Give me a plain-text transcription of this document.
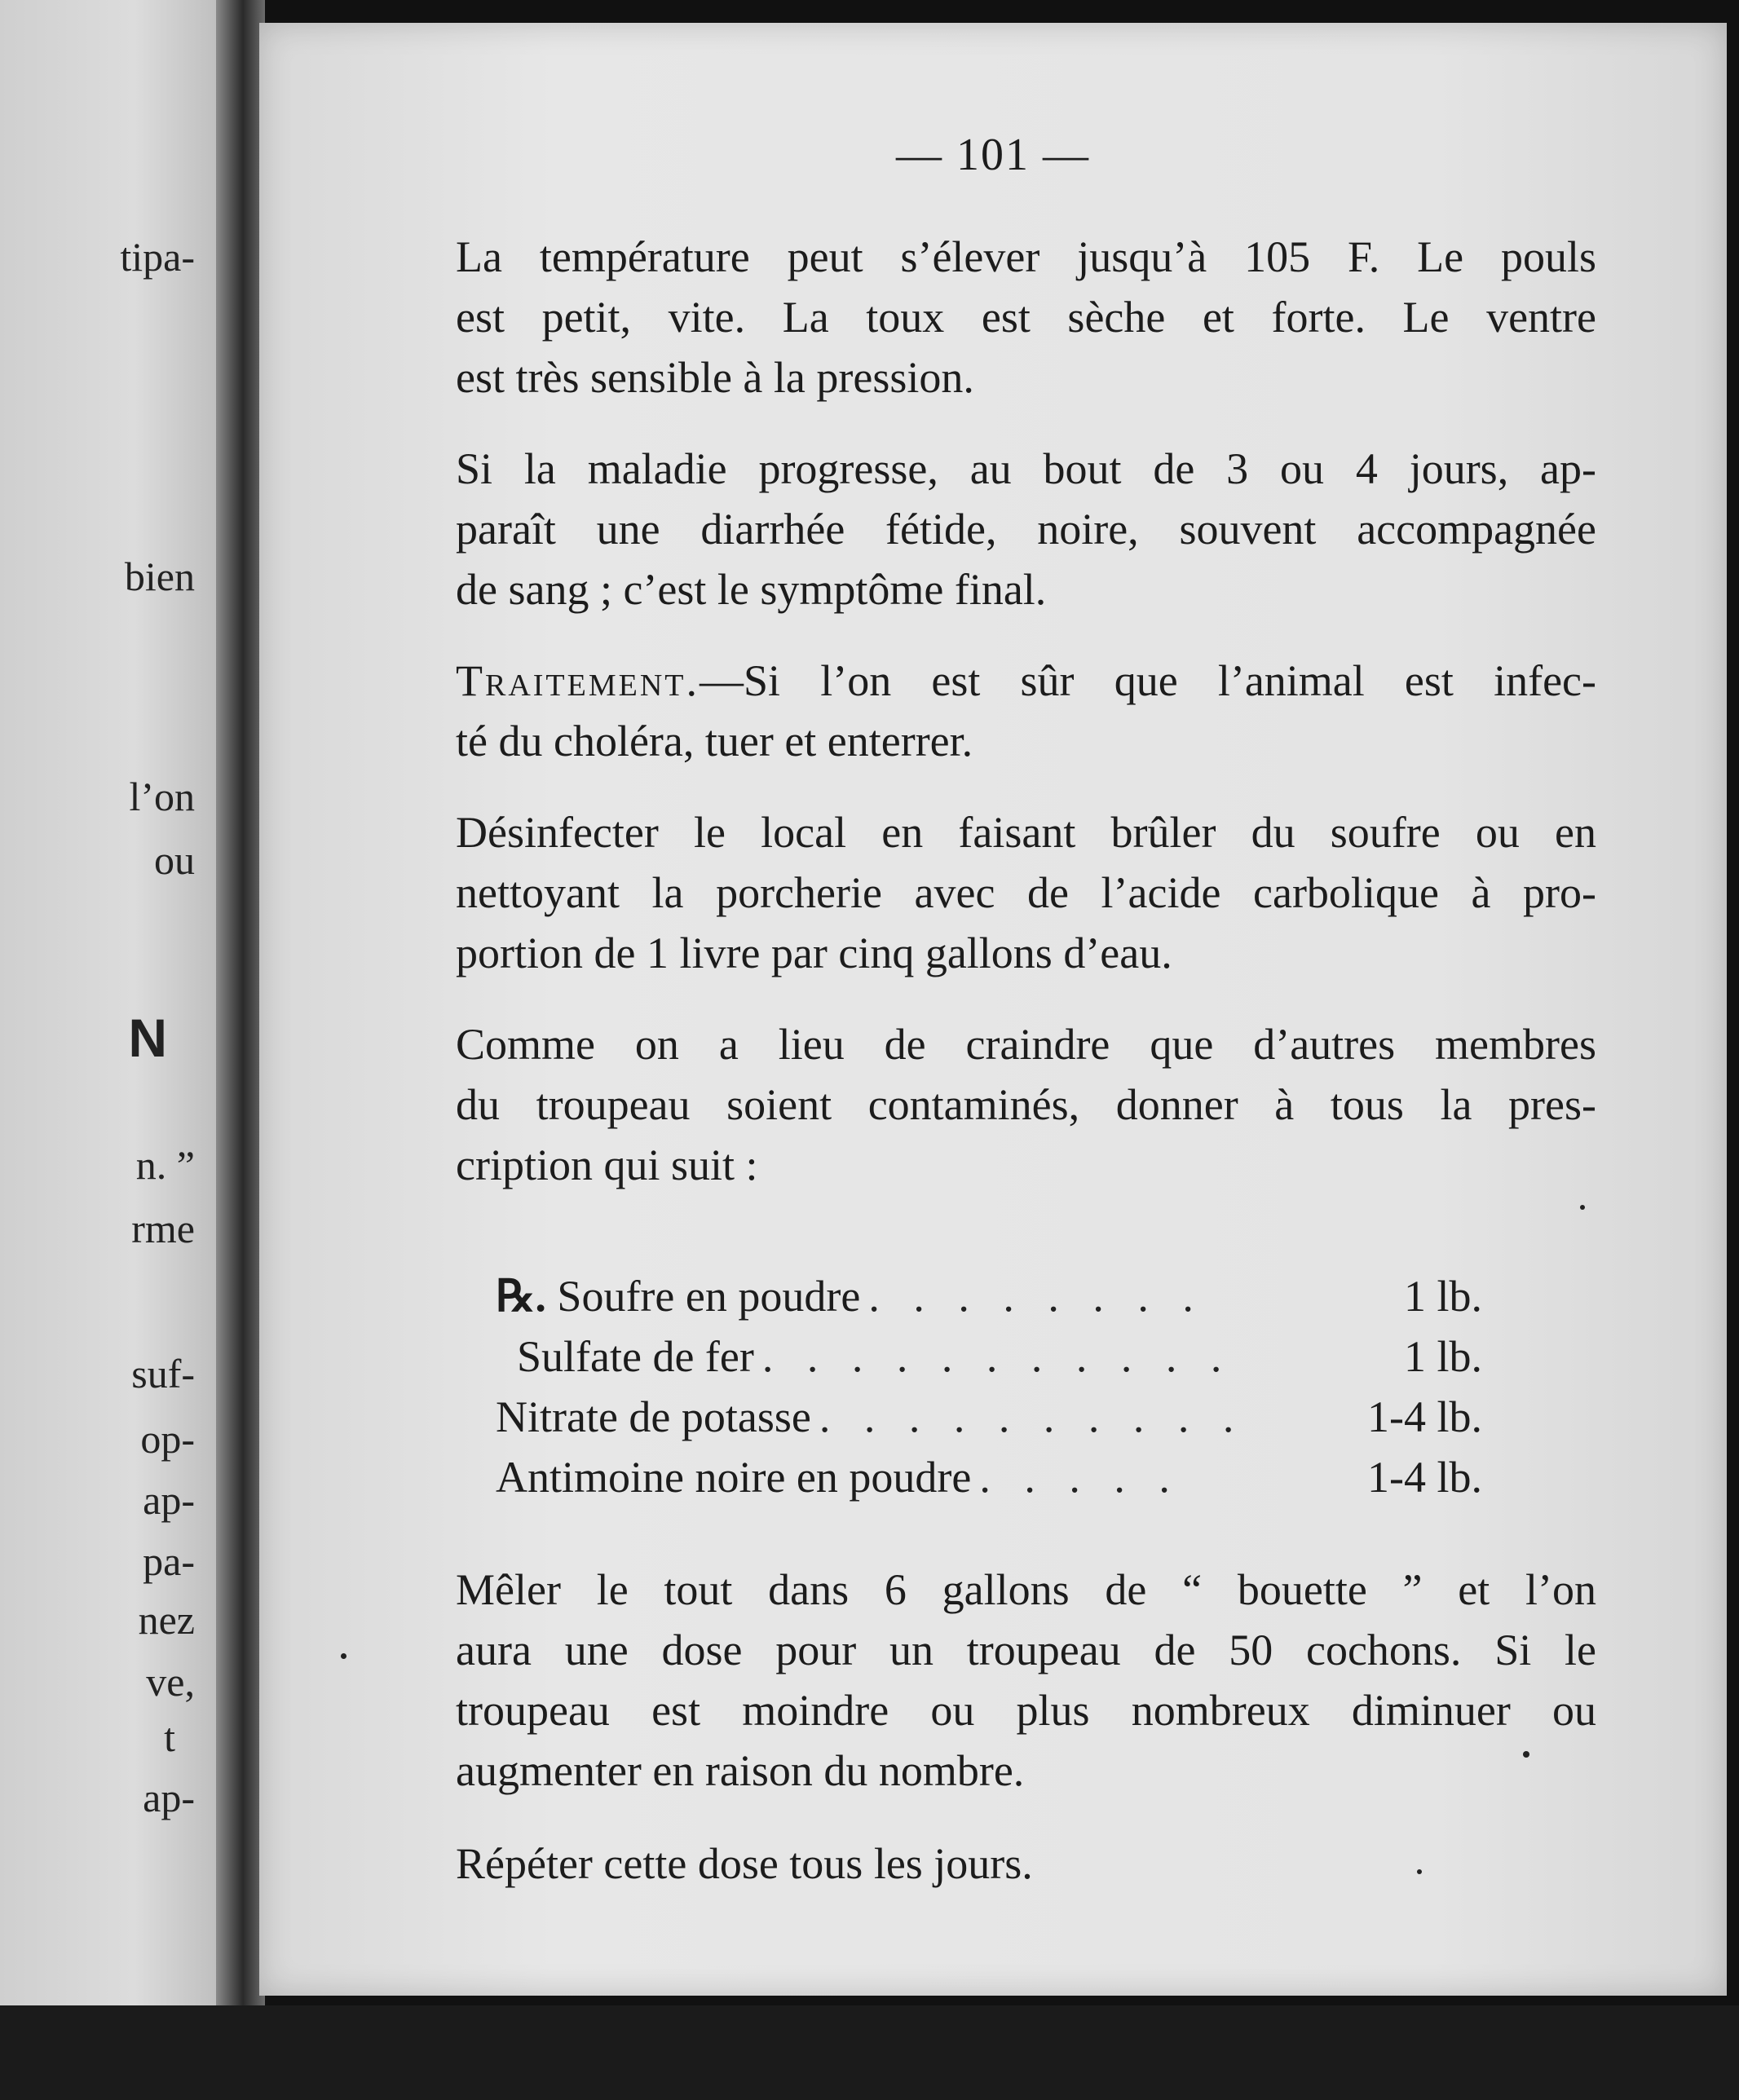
tipa-
bien
l’on
ou
N
n. ”
rme
suf-
op-
ap-
pa-
nez
ve,
t
ap-
— 101 —

La température peut s’élever jusqu’à 105 F. Le pouls
est petit, vite. La toux est sèche et forte. Le ventre
est très sensible à la pression.

Si la maladie progresse, au bout de 3 ou 4 jours, ap-
paraît une diarrhée fétide, noire, souvent accompagnée
de sang ; c’est le symptôme final.

Traitement.—Si l’on est sûr que l’animal est infec-
té du choléra, tuer et enterrer.

Désinfecter le local en faisant brûler du soufre ou en
nettoyant la porcherie avec de l’acide carbolique à pro-
portion de 1 livre par cinq gallons d’eau.

Comme on a lieu de craindre que d’autres membres
du troupeau soient contaminés, donner à tous la pres-
cription qui suit :

℞. Soufre en poudre . . . . . . . .	1 lb.
Sulfate de fer . . . . . . . . . . .	1 lb.
Nitrate de potasse . . . . . . . . . .	1-4 lb.
Antimoine noire en poudre . . . . .	1-4 lb.

Mêler le tout dans 6 gallons de “ bouette ” et l’on
aura une dose pour un troupeau de 50 cochons. Si le
troupeau est moindre ou plus nombreux diminuer ou
augmenter en raison du nombre.

Répéter cette dose tous les jours.
